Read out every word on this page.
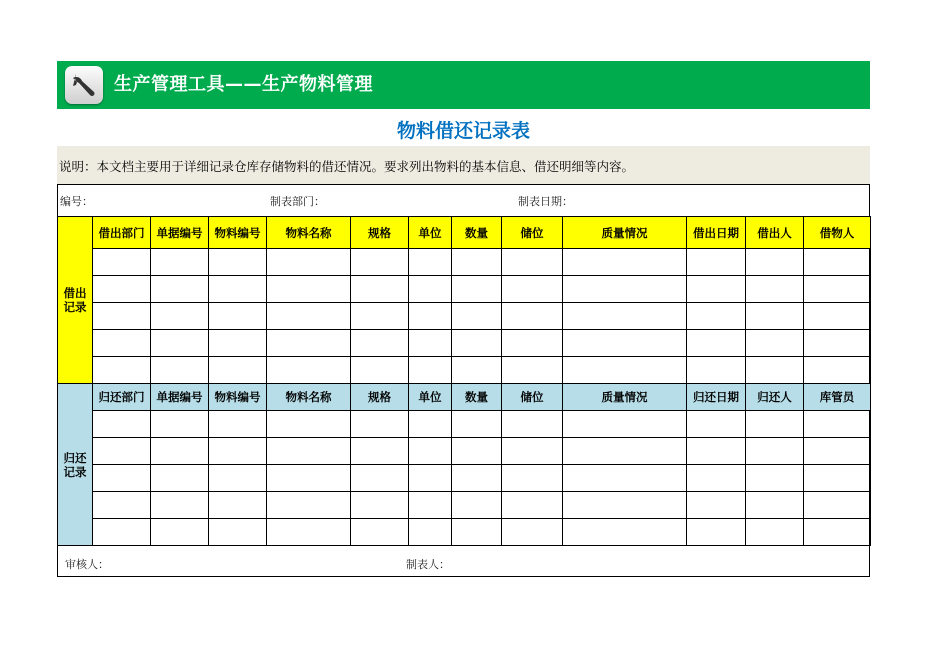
生产管理工具——生产物料管理
物料借还记录表
说明：本文档主要用于详细记录仓库存储物料的借还情况。要求列出物料的基本信息、借还明细等内容。
编号：	制表部门：	制表日期：
借出
记录	借出部门	单据编号	物料编号	物料名称	规格	单位	数量	储位	质量情况	借出日期	借出人	借物人

归还
记录	归还部门	单据编号	物料编号	物料名称	规格	单位	数量	储位	质量情况	归还日期	归还人	库管员

审核人：	制表人：
